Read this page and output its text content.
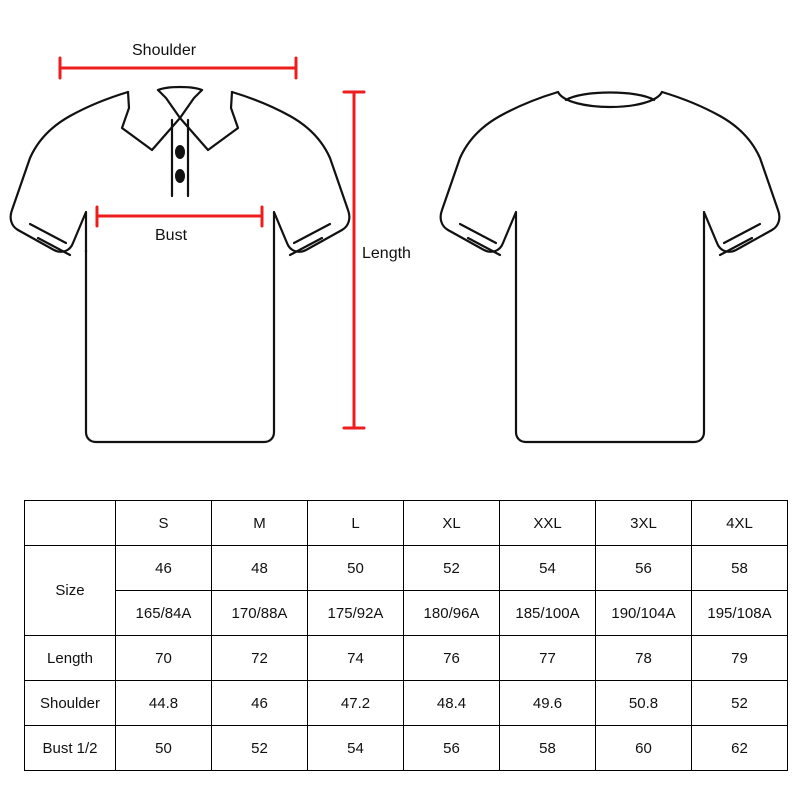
Shoulder
Bust
Length
	S	M	L	XL	XXL	3XL	4XL
Size	46	48	50	52	54	56	58
	165/84A	170/88A	175/92A	180/96A	185/100A	190/104A	195/108A
Length	70	72	74	76	77	78	79
Shoulder	44.8	46	47.2	48.4	49.6	50.8	52
Bust 1/2	50	52	54	56	58	60	62
